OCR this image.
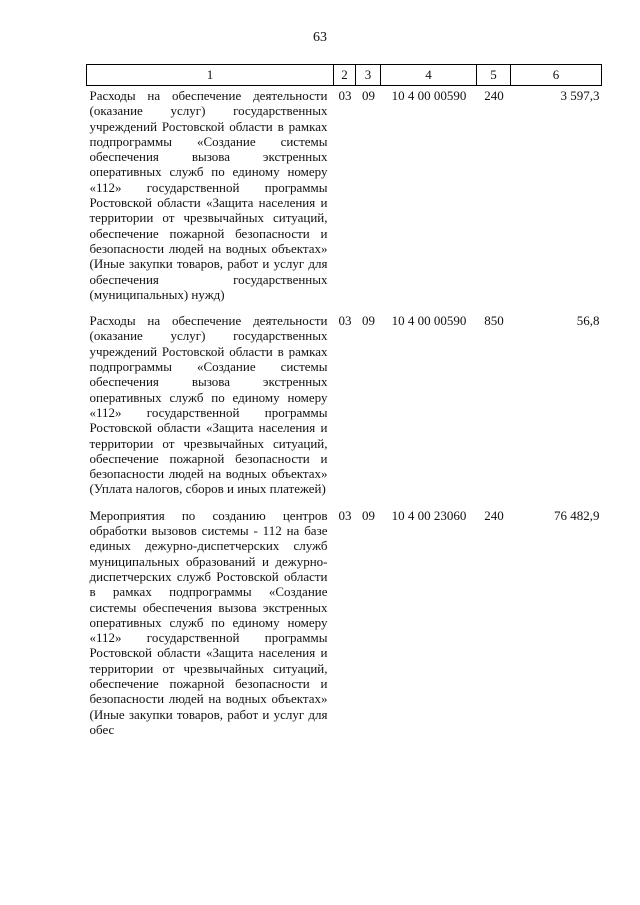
63
1	2	3	4	5	6
Расходы на обеспечение деятельности (оказание услуг) государственных учреждений Ростовской области в рамках подпрограммы «Создание системы обеспечения вызова экстренных оперативных служб по единому номеру «112» государственной программы Ростовской области «Защита населения и территории от чрезвычайных ситуаций, обеспечение пожарной безопасности и безопасности людей на водных объектах» (Иные закупки товаров, работ и услуг для обеспечения государственных (муниципальных) нужд)	03	09	10 4 00 00590	240	3 597,3
Расходы на обеспечение деятельности (оказание услуг) государственных учреждений Ростовской области в рамках подпрограммы «Создание системы обеспечения вызова экстренных оперативных служб по единому номеру «112» государственной программы Ростовской области «Защита населения и территории от чрезвычайных ситуаций, обеспечение пожарной безопасности и безопасности людей на водных объектах» (Уплата налогов, сборов и иных платежей)	03	09	10 4 00 00590	850	56,8
Мероприятия по созданию центров обработки вызовов системы - 112 на базе единых дежурно-диспетчерских служб муниципальных образований и дежурно-диспетчерских служб Ростовской области в рамках подпрограммы «Создание системы обеспечения вызова экстренных оперативных служб по единому номеру «112» государственной программы Ростовской области «Защита населения и территории от чрезвычайных ситуаций, обеспечение пожарной безопасности и безопасности людей на водных объектах» (Иные закупки товаров, работ и услуг для обес	03	09	10 4 00 23060	240	76 482,9
